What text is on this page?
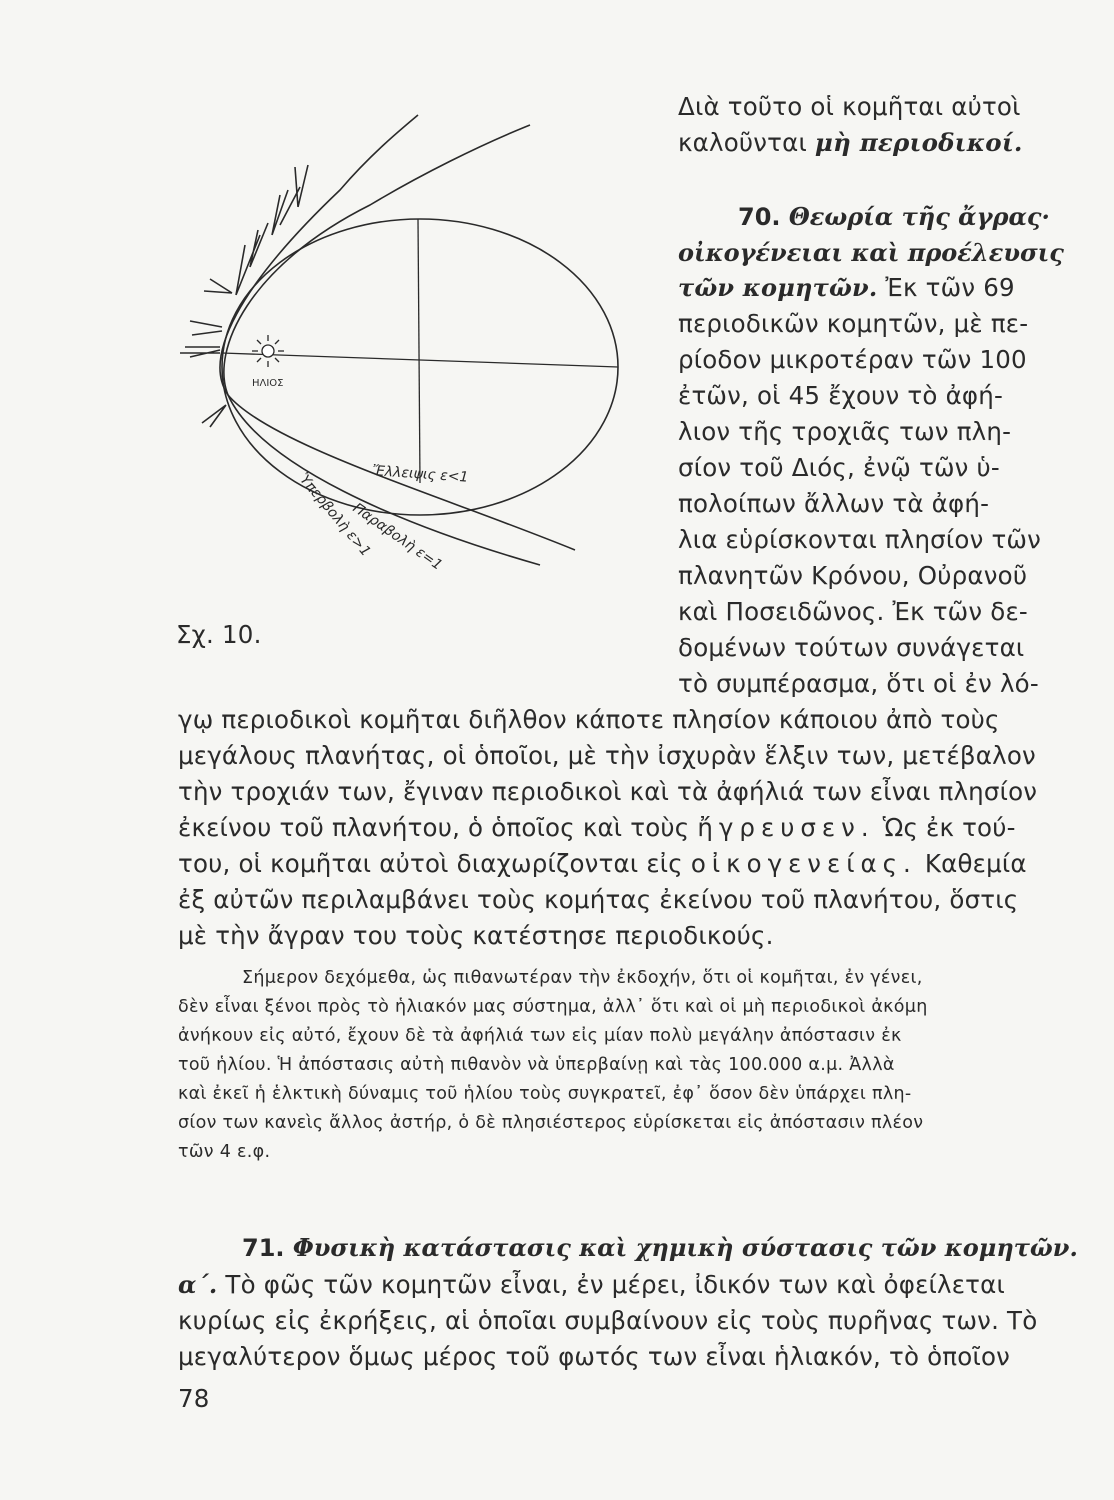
ΗΛΙΟΣ
Ἔλλειψις ε<1
Παραβολὴ ε=1
Ὑπερβολὴ ε>1
Σχ. 10.
Διὰ τοῦτο οἱ κομῆται αὐτοὶ
καλοῦνται μὴ περιοδικοί.
70. Θεωρία τῆς ἄγρας·
οἰκογένειαι καὶ προέλευσις
τῶν κομητῶν. Ἐκ τῶν 69
περιοδικῶν κομητῶν, μὲ πε-
ρίοδον μικροτέραν τῶν 100
ἐτῶν, οἱ 45 ἔχουν τὸ ἀφή-
λιον τῆς τροχιᾶς των πλη-
σίον τοῦ Διός, ἐνῷ τῶν ὑ-
πολοίπων ἄλλων τὰ ἀφή-
λια εὑρίσκονται πλησίον τῶν
πλανητῶν Κρόνου, Οὐρανοῦ
καὶ Ποσειδῶνος. Ἐκ τῶν δε-
δομένων τούτων συνάγεται
τὸ συμπέρασμα, ὅτι οἱ ἐν λό-
γῳ περιοδικοὶ κομῆται διῆλθον κάποτε πλησίον κάποιου ἀπὸ τοὺς
μεγάλους πλανήτας, οἱ ὁποῖοι, μὲ τὴν ἰσχυρὰν ἕλξιν των, μετέβαλον
τὴν τροχιάν των, ἔγιναν περιοδικοὶ καὶ τὰ ἀφήλιά των εἶναι πλησίον
ἐκείνου τοῦ πλανήτου, ὁ ὁποῖος καὶ τοὺς ἤγρευσεν. Ὡς ἐκ τού-
του, οἱ κομῆται αὐτοὶ διαχωρίζονται εἰς οἰκογενείας. Καθεμία
ἐξ αὐτῶν περιλαμβάνει τοὺς κομήτας ἐκείνου τοῦ πλανήτου, ὅστις
μὲ τὴν ἄγραν του τοὺς κατέστησε περιοδικούς.
Σήμερον δεχόμεθα, ὡς πιθανωτέραν τὴν ἐκδοχήν, ὅτι οἱ κομῆται, ἐν γένει,
δὲν εἶναι ξένοι πρὸς τὸ ἡλιακόν μας σύστημα, ἀλλ᾿ ὅτι καὶ οἱ μὴ περιοδικοὶ ἀκόμη
ἀνήκουν εἰς αὐτό, ἔχουν δὲ τὰ ἀφήλιά των εἰς μίαν πολὺ μεγάλην ἀπόστασιν ἐκ
τοῦ ἡλίου. Ἡ ἀπόστασις αὐτὴ πιθανὸν νὰ ὑπερβαίνῃ καὶ τὰς 100.000 α.μ. Ἀλλὰ
καὶ ἐκεῖ ἡ ἑλκτικὴ δύναμις τοῦ ἡλίου τοὺς συγκρατεῖ, ἐφ᾿ ὅσον δὲν ὑπάρχει πλη-
σίον των κανεὶς ἄλλος ἀστήρ, ὁ δὲ πλησιέστερος εὑρίσκεται εἰς ἀπόστασιν πλέον
τῶν 4 ε.φ.
71. Φυσικὴ κατάστασις καὶ χημικὴ σύστασις τῶν κομητῶν.
α΄. Τὸ φῶς τῶν κομητῶν εἶναι, ἐν μέρει, ἰδικόν των καὶ ὀφείλεται
κυρίως εἰς ἐκρήξεις, αἱ ὁποῖαι συμβαίνουν εἰς τοὺς πυρῆνας των. Τὸ
μεγαλύτερον ὅμως μέρος τοῦ φωτός των εἶναι ἡλιακόν, τὸ ὁποῖον
78
